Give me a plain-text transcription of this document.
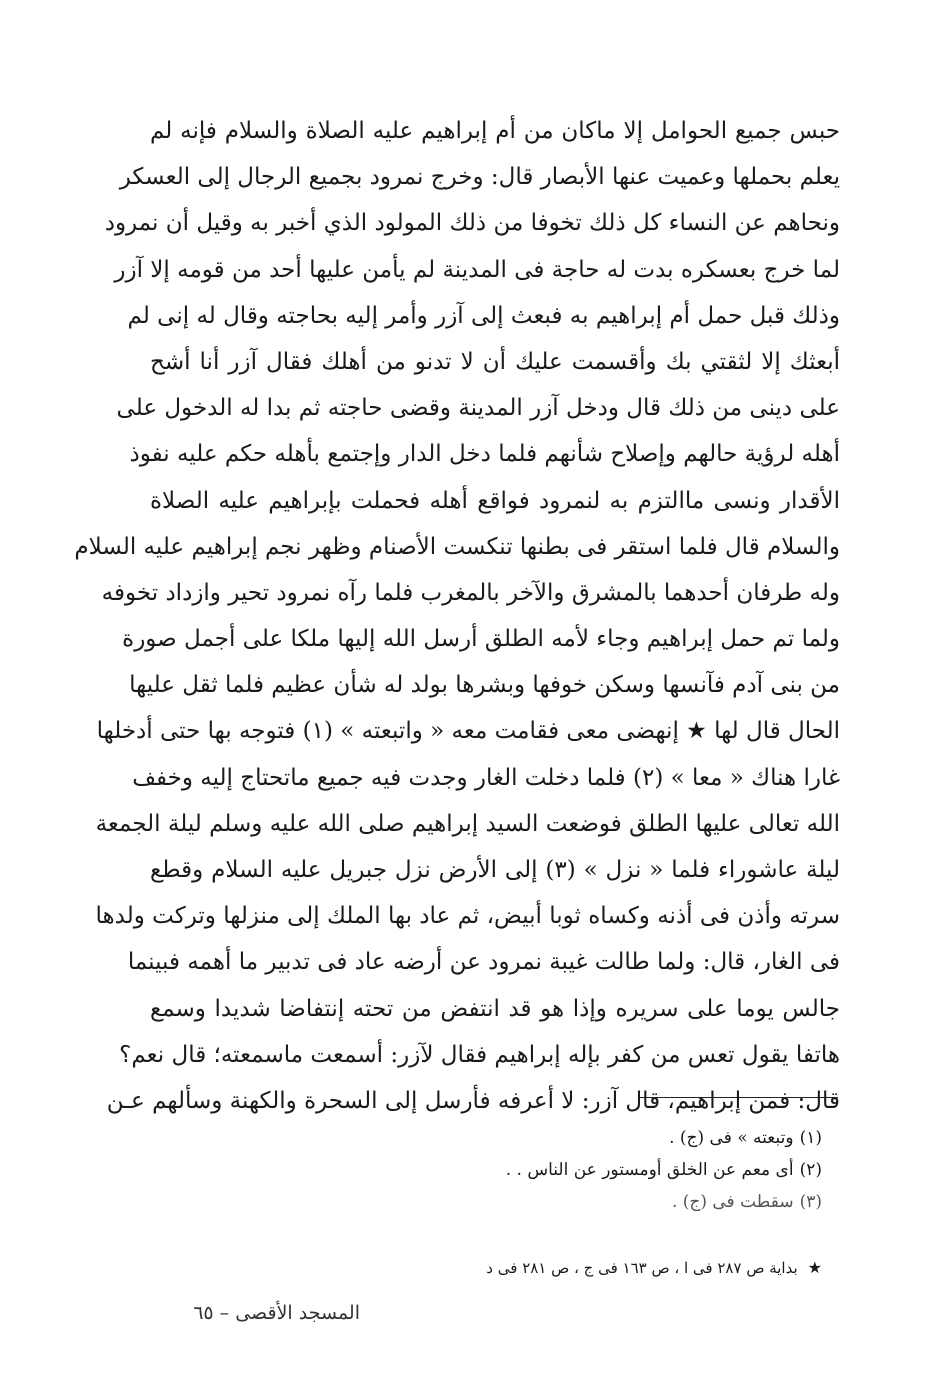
حبس جميع الحوامل إلا ماكان من أم إبراهيم عليه الصلاة والسلام فإنه لم
يعلم بحملها وعميت عنها الأبصار قال: وخرج نمرود بجميع الرجال إلى العسكر
ونحاهم عن النساء كل ذلك تخوفا من ذلك المولود الذي أخبر به وقيل أن نمرود
لما خرج بعسكره بدت له حاجة فى المدينة لم يأمن عليها أحد من قومه إلا آزر
وذلك قبل حمل أم إبراهيم به فبعث إلى آزر وأمر إليه بحاجته وقال له إنى لم
أبعثك إلا لثقتي بك وأقسمت عليك أن لا تدنو من أهلك فقال آزر أنا أشح
على دينى من ذلك قال ودخل آزر المدينة وقضى حاجته ثم بدا له الدخول على
أهله لرؤية حالهم وإصلاح شأنهم فلما دخل الدار وإجتمع بأهله حكم عليه نفوذ
الأقدار ونسى ماالتزم به لنمرود فواقع أهله فحملت بإبراهيم عليه الصلاة
والسلام قال فلما استقر فى بطنها تنكست الأصنام وظهر نجم إبراهيم عليه السلام
وله طرفان أحدهما بالمشرق والآخر بالمغرب فلما رآه نمرود تحير وازداد تخوفه
ولما تم حمل إبراهيم وجاء لأمه الطلق أرسل الله إليها ملكا على أجمل صورة
من بنى آدم فآنسها وسكن خوفها وبشرها بولد له شأن عظيم فلما ثقل عليها
الحال قال لها ★ إنهضى معى فقامت معه « واتبعته » (١) فتوجه بها حتى أدخلها
غارا هناك « معا » (٢) فلما دخلت الغار وجدت فيه جميع ماتحتاج إليه وخفف
الله تعالى عليها الطلق فوضعت السيد إبراهيم صلى الله عليه وسلم ليلة الجمعة
ليلة عاشوراء فلما « نزل » (٣) إلى الأرض نزل جبريل عليه السلام وقطع
سرته وأذن فى أذنه وكساه ثوبا أبيض، ثم عاد بها الملك إلى منزلها وتركت ولدها
فى الغار، قال: ولما طالت غيبة نمرود عن أرضه عاد فى تدبير ما أهمه فبينما
جالس يوما على سريره وإذا هو قد انتفض من تحته إنتفاضا شديدا وسمع
هاتفا يقول تعس من كفر بإله إبراهيم فقال لآزر: أسمعت ماسمعته؛ قال نعم؟
قال: فمن إبراهيم، قال آزر: لا أعرفه فأرسل إلى السحرة والكهنة وسألهم عـن
(١)وتبعته » فى (ج) .
(٢)أى معم عن الخلق أومستور عن الناس . .
(٣)سقطت فى (ج) .
★بداية ص ٢٨٧ فى ا ، ص ١٦٣ فى ج ، ص ٢٨١ فى د
المسجد الأقصى – ٦٥
